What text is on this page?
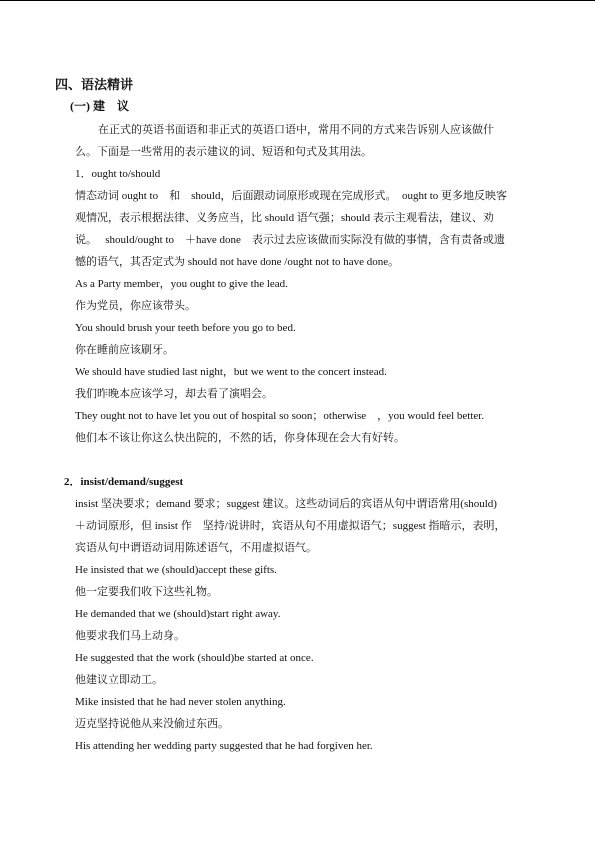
四、语法精讲
(一) 建　议
在正式的英语书面语和非正式的英语口语中，常用不同的方式来告诉别人应该做什
么。下面是一些常用的表示建议的词、短语和句式及其用法。
1．ought to/should
情态动词 ought to　和　should，后面跟动词原形或现在完成形式。　ought to 更多地反映客
观情况，表示根据法律、义务应当，比 should 语气强；should 表示主观看法，建议、劝
说。　 should/ought to　＋have done　表示过去应该做而实际没有做的事情，含有责备或遗
憾的语气，其否定式为 should not have done /ought not to have done。
As a Party member，you ought to give the lead.
作为党员，你应该带头。
You should brush your teeth before you go to bed.
你在睡前应该刷牙。
We should have studied last night，but we went to the concert instead.
我们昨晚本应该学习，却去看了演唱会。
They ought not to have let you out of hospital so soon；otherwise　，you would feel better.
他们本不该让你这么快出院的，不然的话，你身体现在会大有好转。
2．insist/demand/suggest
insist 坚决要求；demand 要求；suggest 建议。这些动词后的宾语从句中谓语常用(should)
＋动词原形，但 insist 作　坚持/说讲时，宾语从句不用虚拟语气；suggest 指暗示，表明，
宾语从句中谓语动词用陈述语气，不用虚拟语气。
He insisted that we (should)accept these gifts.
他一定要我们收下这些礼物。
He demanded that we (should)start right away.
他要求我们马上动身。
He suggested that the work (should)be started at once.
他建议立即动工。
Mike insisted that he had never stolen anything.
迈克坚持说他从来没偷过东西。
His attending her wedding party suggested that he had forgiven her.
